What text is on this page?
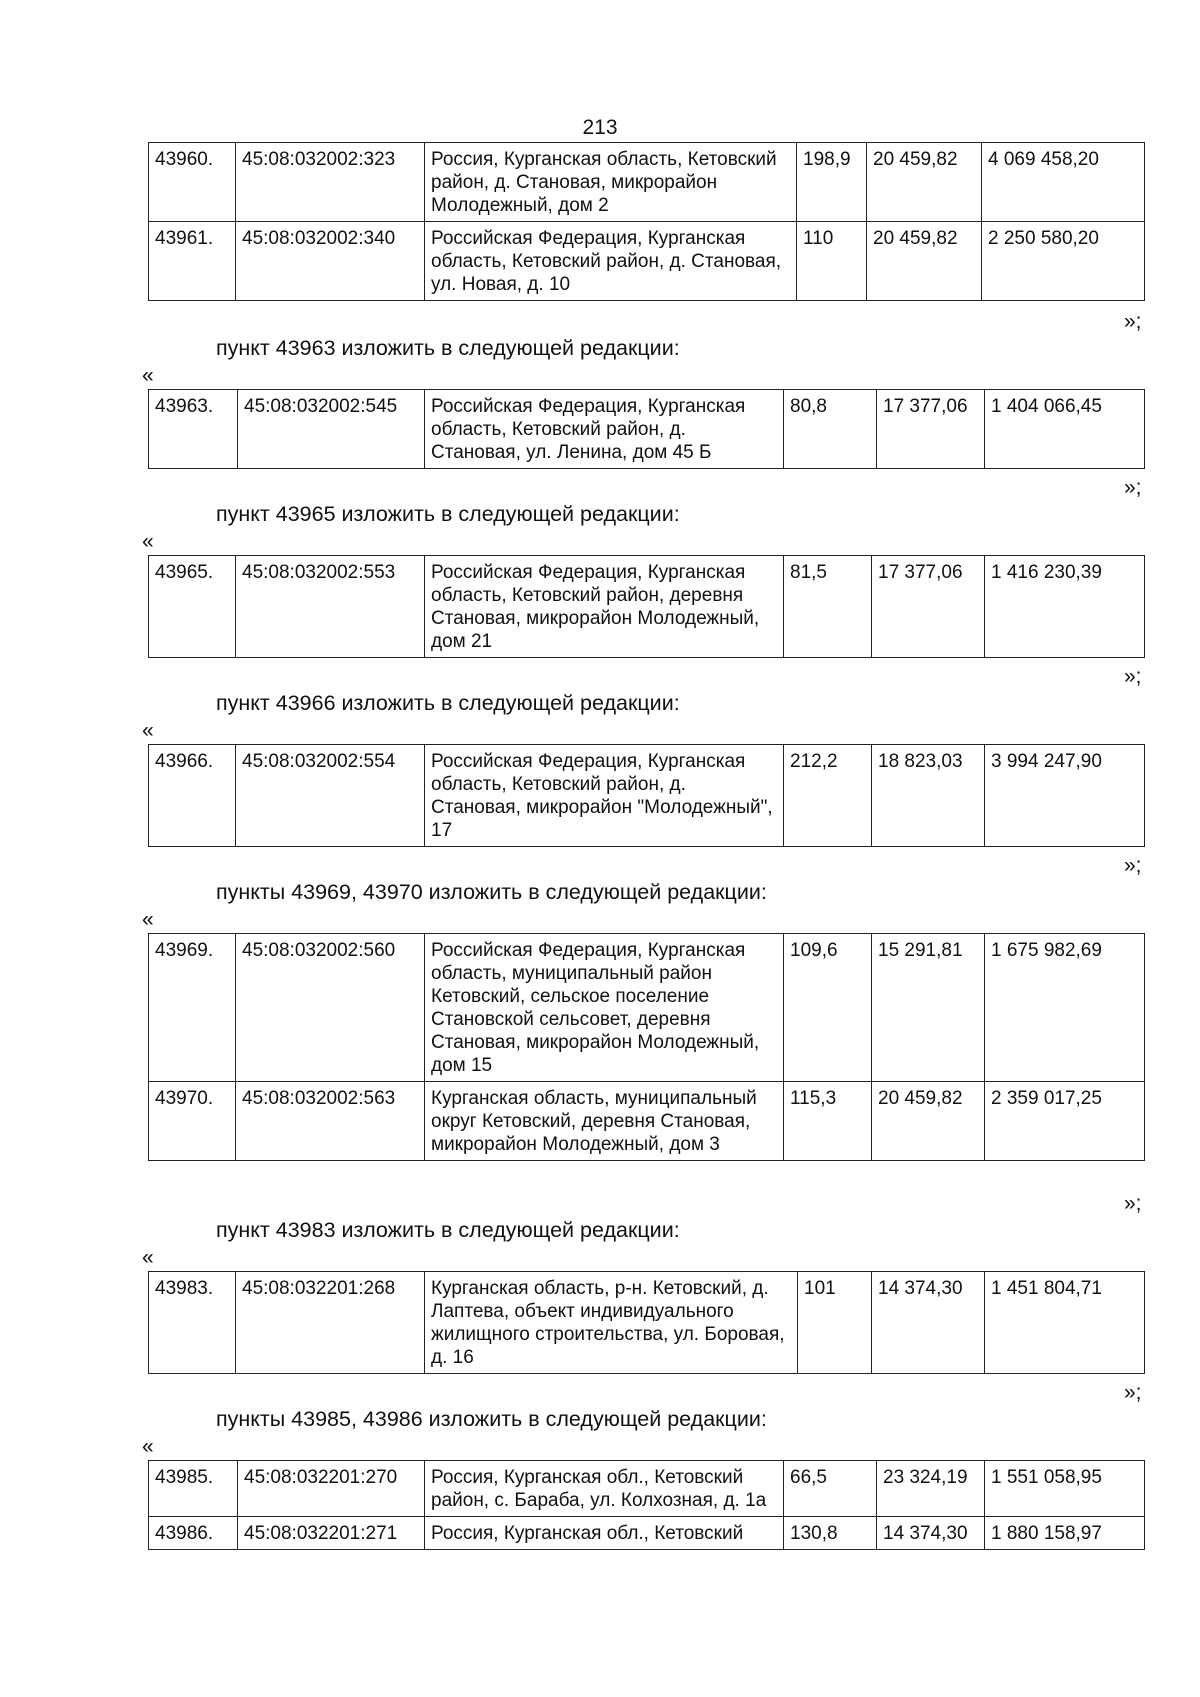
213
43960.	45:08:032002:323	Россия, Курганская область, Кетовский район, д. Становая, микрорайон Молодежный, дом 2	198,9	20 459,82	4 069 458,20
43961.	45:08:032002:340	Российская Федерация, Курганская область, Кетовский район, д. Становая, ул. Новая, д. 10	110	20 459,82	2 250 580,20
»;
пункт 43963 изложить в следующей редакции:
«
43963.	45:08:032002:545	Российская Федерация, Курганская область, Кетовский район, д. Становая, ул. Ленина, дом 45 Б	80,8	17 377,06	1 404 066,45
»;
пункт 43965 изложить в следующей редакции:
«
43965.	45:08:032002:553	Российская Федерация, Курганская область, Кетовский район, деревня Становая, микрорайон Молодежный, дом 21	81,5	17 377,06	1 416 230,39
»;
пункт 43966 изложить в следующей редакции:
«
43966.	45:08:032002:554	Российская Федерация, Курганская область, Кетовский район, д. Становая, микрорайон "Молодежный", 17	212,2	18 823,03	3 994 247,90
»;
пункты 43969, 43970 изложить в следующей редакции:
«
43969.	45:08:032002:560	Российская Федерация, Курганская область, муниципальный район Кетовский, сельское поселение Становской сельсовет, деревня Становая, микрорайон Молодежный, дом 15	109,6	15 291,81	1 675 982,69
43970.	45:08:032002:563	Курганская область, муниципальный округ Кетовский, деревня Становая, микрорайон Молодежный, дом 3	115,3	20 459,82	2 359 017,25
»;
пункт 43983 изложить в следующей редакции:
«
43983.	45:08:032201:268	Курганская область, р-н. Кетовский, д. Лаптева, объект индивидуального жилищного строительства, ул. Боровая, д. 16	101	14 374,30	1 451 804,71
»;
пункты 43985, 43986 изложить в следующей редакции:
«
43985.	45:08:032201:270	Россия, Курганская обл., Кетовский район, с. Бараба, ул. Колхозная, д. 1а	66,5	23 324,19	1 551 058,95
43986.	45:08:032201:271	Россия, Курганская обл., Кетовский	130,8	14 374,30	1 880 158,97
